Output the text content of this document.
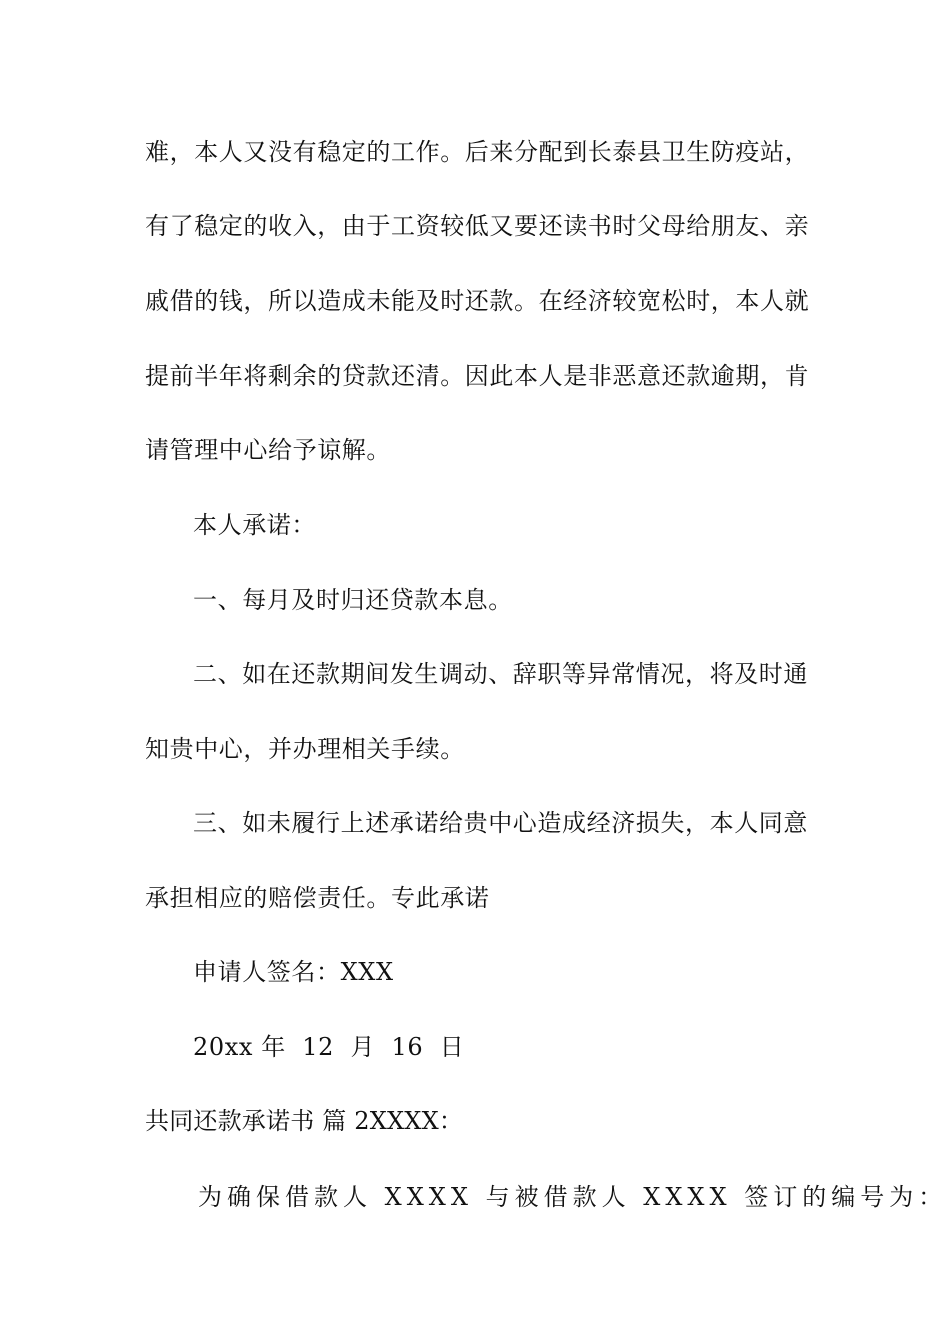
难，本人又没有稳定的工作。后来分配到长泰县卫生防疫站，
有了稳定的收入，由于工资较低又要还读书时父母给朋友、亲
戚借的钱，所以造成未能及时还款。在经济较宽松时，本人就
提前半年将剩余的贷款还清。因此本人是非恶意还款逾期，肯
请管理中心给予谅解。
本人承诺：
一、每月及时归还贷款本息。
二、如在还款期间发生调动、辞职等异常情况，将及时通
知贵中心，并办理相关手续。
三、如未履行上述承诺给贵中心造成经济损失，本人同意
承担相应的赔偿责任。专此承诺
申请人签名：XXX
20xx 年  12  月  16  日
共同还款承诺书 篇 2XXXX：
为确保借款人 XXXX 与被借款人 XXXX 签订的编号为：
